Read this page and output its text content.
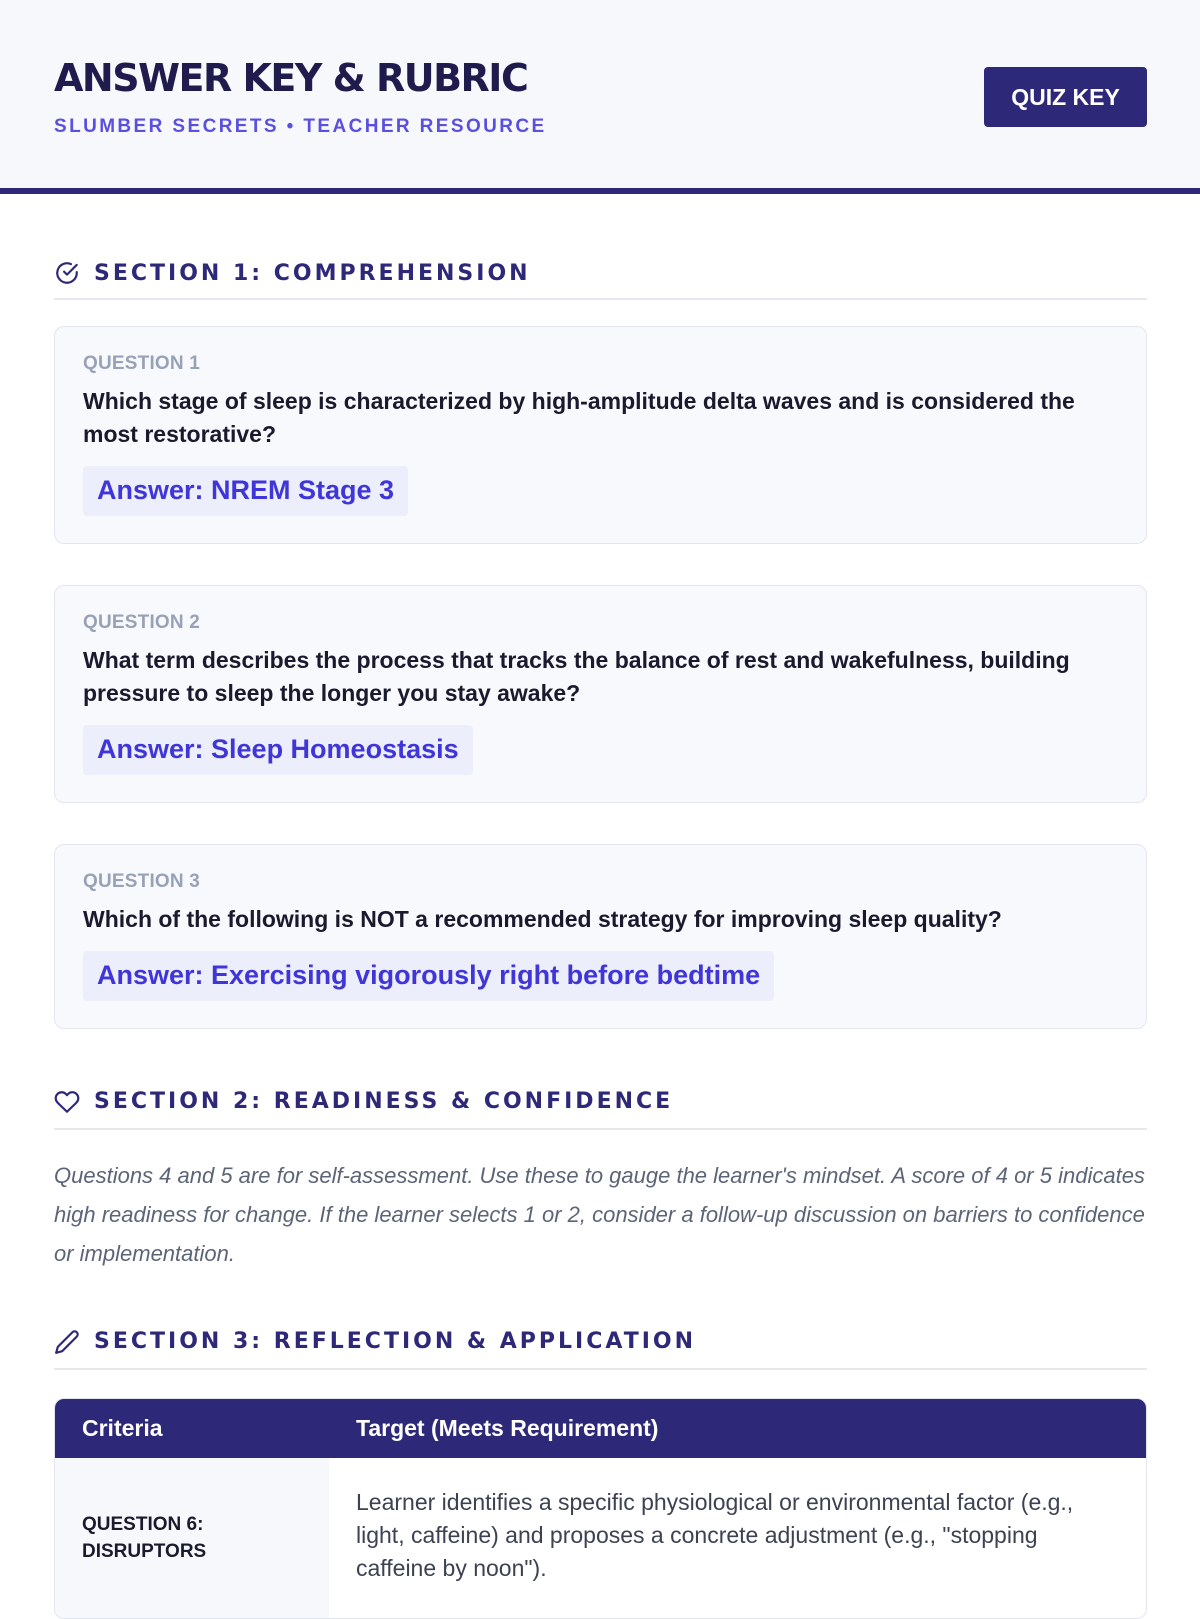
ANSWER KEY & RUBRIC
SLUMBER SECRETS • TEACHER RESOURCE
QUIZ KEY
SECTION 1: COMPREHENSION
QUESTION 1
Which stage of sleep is characterized by high-amplitude delta waves and is considered the most restorative?
Answer: NREM Stage 3
QUESTION 2
What term describes the process that tracks the balance of rest and wakefulness, building pressure to sleep the longer you stay awake?
Answer: Sleep Homeostasis
QUESTION 3
Which of the following is NOT a recommended strategy for improving sleep quality?
Answer: Exercising vigorously right before bedtime
SECTION 2: READINESS & CONFIDENCE

Questions 4 and 5 are for self-assessment. Use these to gauge the learner's mindset. A score of 4 or 5 indicates high readiness for change. If the learner selects 1 or 2, consider a follow-up discussion on barriers to confidence or implementation.

SECTION 3: REFLECTION & APPLICATION
Criteria	Target (Meets Requirement)
QUESTION 6: DISRUPTORS	Learner identifies a specific physiological or environmental factor (e.g., light, caffeine) and proposes a concrete adjustment (e.g., "stopping caffeine by noon").
